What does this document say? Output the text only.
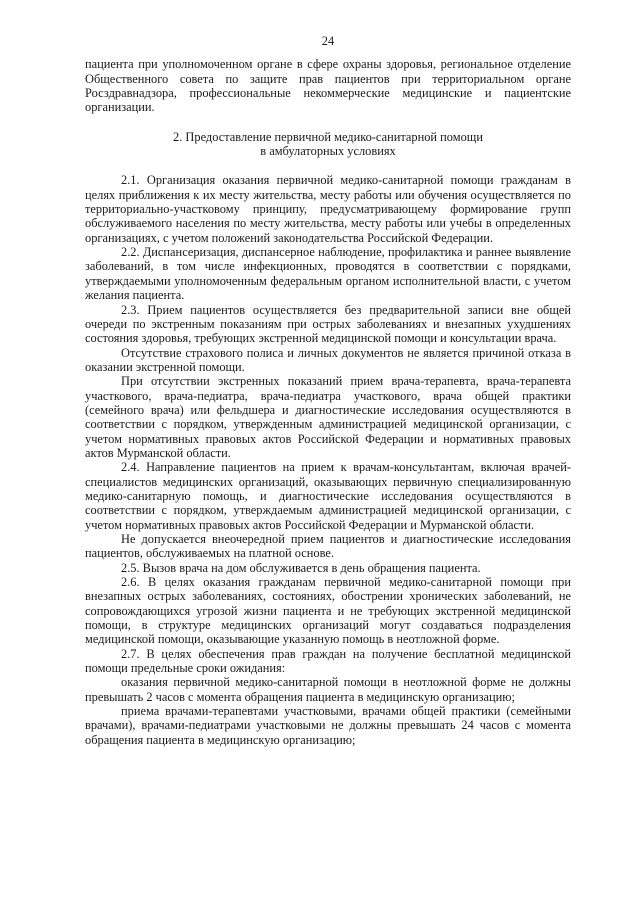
24

пациента при уполномоченном органе в сфере охраны здоровья, региональное отделение Общественного совета по защите прав пациентов при территориальном органе Росздравнадзора, профессиональные некоммерческие медицинские и пациентские организации.

2. Предоставление первичной медико-санитарной помощи
в амбулаторных условиях

2.1. Организация оказания первичной медико-санитарной помощи гражданам в целях приближения к их месту жительства, месту работы или обучения осуществляется по территориально-участковому принципу, предусматривающему формирование групп обслуживаемого населения по месту жительства, месту работы или учебы в определенных организациях, с учетом положений законодательства Российской Федерации.

2.2. Диспансеризация, диспансерное наблюдение, профилактика и раннее выявление заболеваний, в том числе инфекционных, проводятся в соответствии с порядками, утверждаемыми уполномоченным федеральным органом исполнительной власти, с учетом желания пациента.

2.3. Прием пациентов осуществляется без предварительной записи вне общей очереди по экстренным показаниям при острых заболеваниях и внезапных ухудшениях состояния здоровья, требующих экстренной медицинской помощи и консультации врача.

Отсутствие страхового полиса и личных документов не является причиной отказа в оказании экстренной помощи.

При отсутствии экстренных показаний прием врача-терапевта, врача-терапевта участкового, врача-педиатра, врача-педиатра участкового, врача общей практики (семейного врача) или фельдшера и диагностические исследования осуществляются в соответствии с порядком, утвержденным администрацией медицинской организации, с учетом нормативных правовых актов Российской Федерации и нормативных правовых актов Мурманской области.

2.4. Направление пациентов на прием к врачам-консультантам, включая врачей-специалистов медицинских организаций, оказывающих первичную специализированную медико-санитарную помощь, и диагностические исследования осуществляются в соответствии с порядком, утверждаемым администрацией медицинской организации, с учетом нормативных правовых актов Российской Федерации и Мурманской области.

Не допускается внеочередной прием пациентов и диагностические исследования пациентов, обслуживаемых на платной основе.

2.5. Вызов врача на дом обслуживается в день обращения пациента.

2.6. В целях оказания гражданам первичной медико-санитарной помощи при внезапных острых заболеваниях, состояниях, обострении хронических заболеваний, не сопровождающихся угрозой жизни пациента и не требующих экстренной медицинской помощи, в структуре медицинских организаций могут создаваться подразделения медицинской помощи, оказывающие указанную помощь в неотложной форме.

2.7. В целях обеспечения прав граждан на получение бесплатной медицинской помощи предельные сроки ожидания:

оказания первичной медико-санитарной помощи в неотложной форме не должны превышать 2 часов с момента обращения пациента в медицинскую организацию;

приема врачами-терапевтами участковыми, врачами общей практики (семейными врачами), врачами-педиатрами участковыми не должны превышать 24 часов с момента обращения пациента в медицинскую организацию;
